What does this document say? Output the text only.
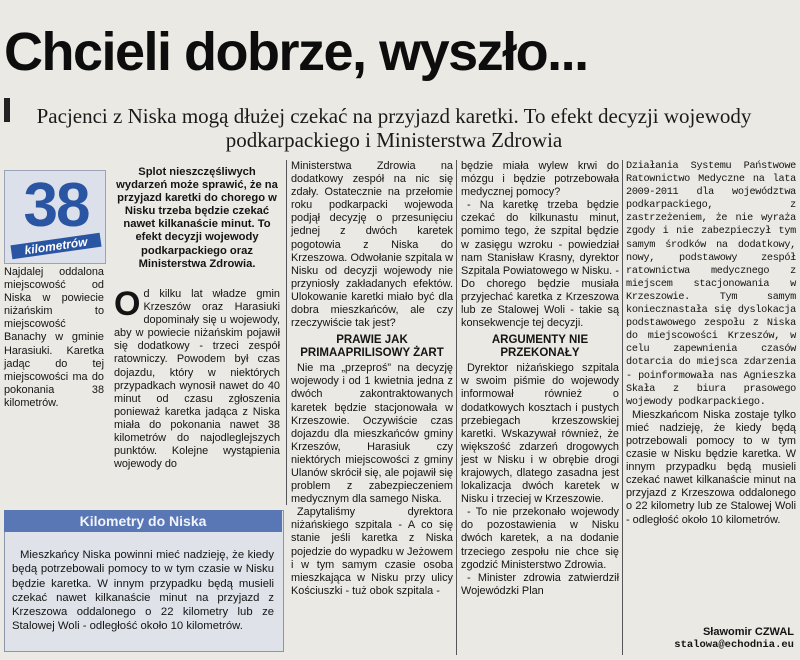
Chcieli dobrze, wyszło...
Pacjenci z Niska mogą dłużej czekać na przyjazd karetki. To efekt decyzji wojewody podkarpackiego i Ministerstwa Zdrowia
38
kilometrów

Najdalej oddalona miejscowość od Niska w powiecie niżańskim to miejscowość Banachy w gminie Harasiuki. Karetka jadąc do tej miejscowości ma do pokonania 38 kilometrów.

Splot nieszczęśliwych wydarzeń może sprawić, że na przyjazd karetki do chorego w Nisku trzeba będzie czekać nawet kilkanaście minut. To efekt decyzji wojewody podkarpackiego oraz Ministerstwa Zdrowia.

Od kilku lat władze gmin Krzeszów oraz Harasiuki dopominały się u wojewody, aby w powiecie niżańskim pojawił się dodatkowy - trzeci zespół ratowniczy. Powodem był czas dojazdu, który w niektórych przypadkach wynosił nawet do 40 minut od czasu zgłoszenia ponieważ karetka jadąca z Niska miała do pokonania nawet 38 kilometrów do najodleglejszych punktów. Kolejne wystąpienia wojewody do

Ministerstwa Zdrowia na dodatkowy zespół na nic się zdały. Ostatecznie na przełomie roku podkarpacki wojewoda podjął decyzję o przesunięciu jednej z dwóch karetek pogotowia z Niska do Krzeszowa. Odwołanie szpitala w Nisku od decyzji wojewody nie przyniosły zakładanych efektów. Ulokowanie karetki miało być dla dobra mieszkańców, ale czy rzeczywiście tak jest?

PRAWIE JAK PRIMAAPRILISOWY ŻART

Nie ma „przeproś” na decyzję wojewody i od 1 kwietnia jedna z dwóch zakontraktowanych karetek będzie stacjonowała w Krzeszowie. Oczywiście czas dojazdu dla mieszkańców gminy Krzeszów, Harasiuk czy niektórych miejscowości z gminy Ulanów skrócił się, ale pojawił się problem z zabezpieczeniem medycznym dla samego Niska.

Zapytaliśmy dyrektora niżańskiego szpitala - A co się stanie jeśli karetka z Niska pojedzie do wypadku w Jeżowem i w tym samym czasie osoba mieszkająca w Nisku przy ulicy Kościuszki - tuż obok szpitala -

będzie miała wylew krwi do mózgu i będzie potrzebowała medycznej pomocy?

- Na karetkę trzeba będzie czekać do kilkunastu minut, pomimo tego, że szpital będzie w zasięgu wzroku - powiedział nam Stanisław Krasny, dyrektor Szpitala Powiatowego w Nisku. - Do chorego będzie musiała przyjechać karetka z Krzeszowa lub ze Stalowej Woli - takie są konsekwencje tej decyzji.

ARGUMENTY NIE PRZEKONAŁY

Dyrektor niżańskiego szpitala w swoim piśmie do wojewody informował również o dodatkowych kosztach i pustych przebiegach krzeszowskiej karetki. Wskazywał również, że większość zdarzeń drogowych jest w Nisku i w obrębie drogi krajowych, dlatego zasadna jest lokalizacja dwóch karetek w Nisku i trzeciej w Krzeszowie.

- To nie przekonało wojewody do pozostawienia w Nisku dwóch karetek, a na dodanie trzeciego zespołu nie chce się zgodzić Ministerstwo Zdrowia.

- Minister zdrowia zatwierdził Wojewódzki Plan

Działania Systemu Państwowe Ratownictwo Medyczne na lata 2009-2011 dla województwa podkarpackiego, z zastrzeżeniem, że nie wyraża zgody i nie zabezpieczył tym samym środków na dodatkowy, nowy, podstawowy zespół ratownictwa medycznego z miejscem stacjonowania w Krzeszowie. Tym samym koniecznastała się dyslokacja podstawowego zespołu z Niska do miejscowości Krzeszów, w celu zapewnienia czasów dotarcia do miejsca zdarzenia - poinformowała nas Agnieszka Skała z biura prasowego wojewody podkarpackiego.

Mieszkańcom Niska zostaje tylko mieć nadzieję, że kiedy będą potrzebowali pomocy to w tym czasie w Nisku będzie karetka. W innym przypadku będą musieli czekać nawet kilkanaście minut na przyjazd z Krzeszowa oddalonego o 22 kilometry lub ze Stalowej Woli - odległość około 10 kilometrów.

Kilometry do Niska

Mieszkańcy Niska powinni mieć nadzieję, że kiedy będą potrzebowali pomocy to w tym czasie w Nisku będzie karetka. W innym przypadku będą musieli czekać nawet kilkanaście minut na przyjazd z Krzeszowa oddalonego o 22 kilometry lub ze Stalowej Woli - odległość około 10 kilometrów.	Sławomir CZWAL
stalowa@echodnia.eu
